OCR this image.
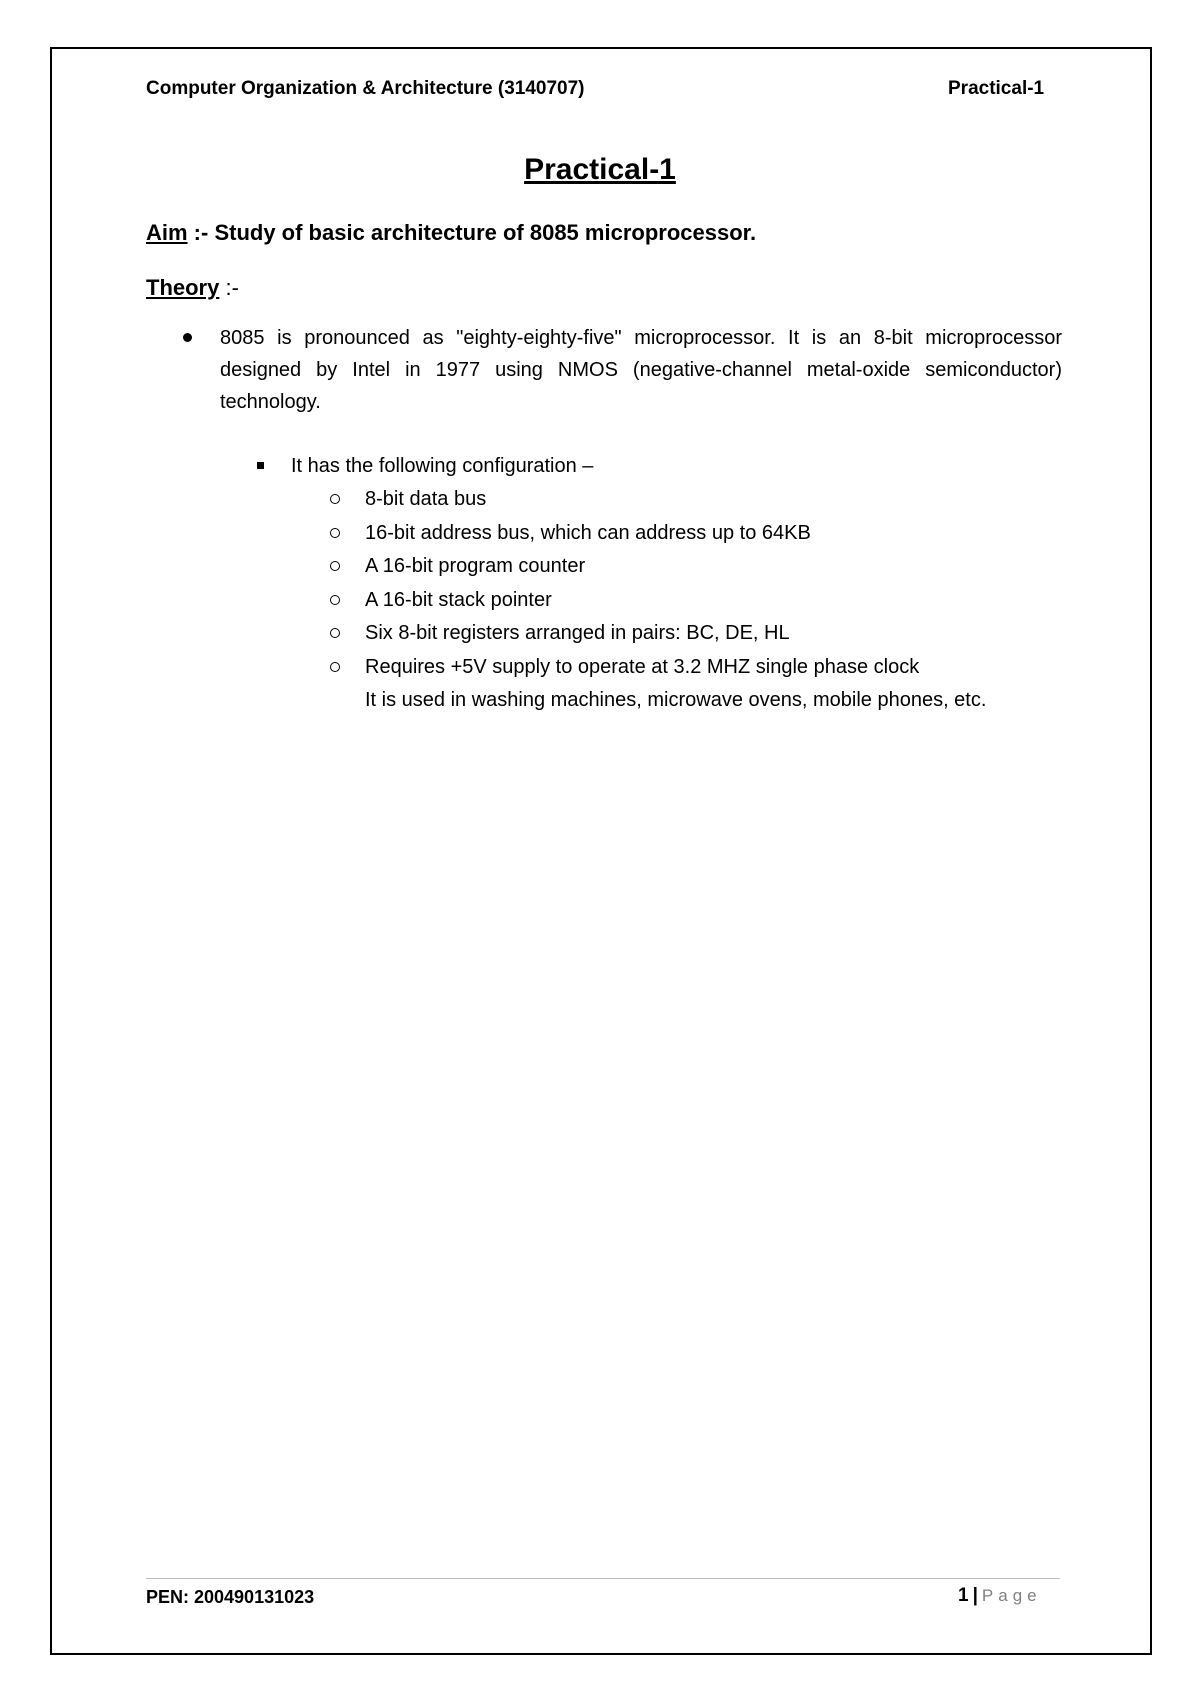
Computer Organization & Architecture (3140707)	Practical-1
Practical-1
Aim :- Study of basic architecture of 8085 microprocessor.
Theory :-
8085 is pronounced as "eighty-eighty-five" microprocessor. It is an 8-bit microprocessor designed by Intel in 1977 using NMOS (negative-channel metal-oxide semiconductor) technology.
It has the following configuration –
8-bit data bus
16-bit address bus, which can address up to 64KB
A 16-bit program counter
A 16-bit stack pointer
Six 8-bit registers arranged in pairs: BC, DE, HL
Requires +5V supply to operate at 3.2 MHZ single phase clock
It is used in washing machines, microwave ovens, mobile phones, etc.
PEN: 200490131023	1 | Page
